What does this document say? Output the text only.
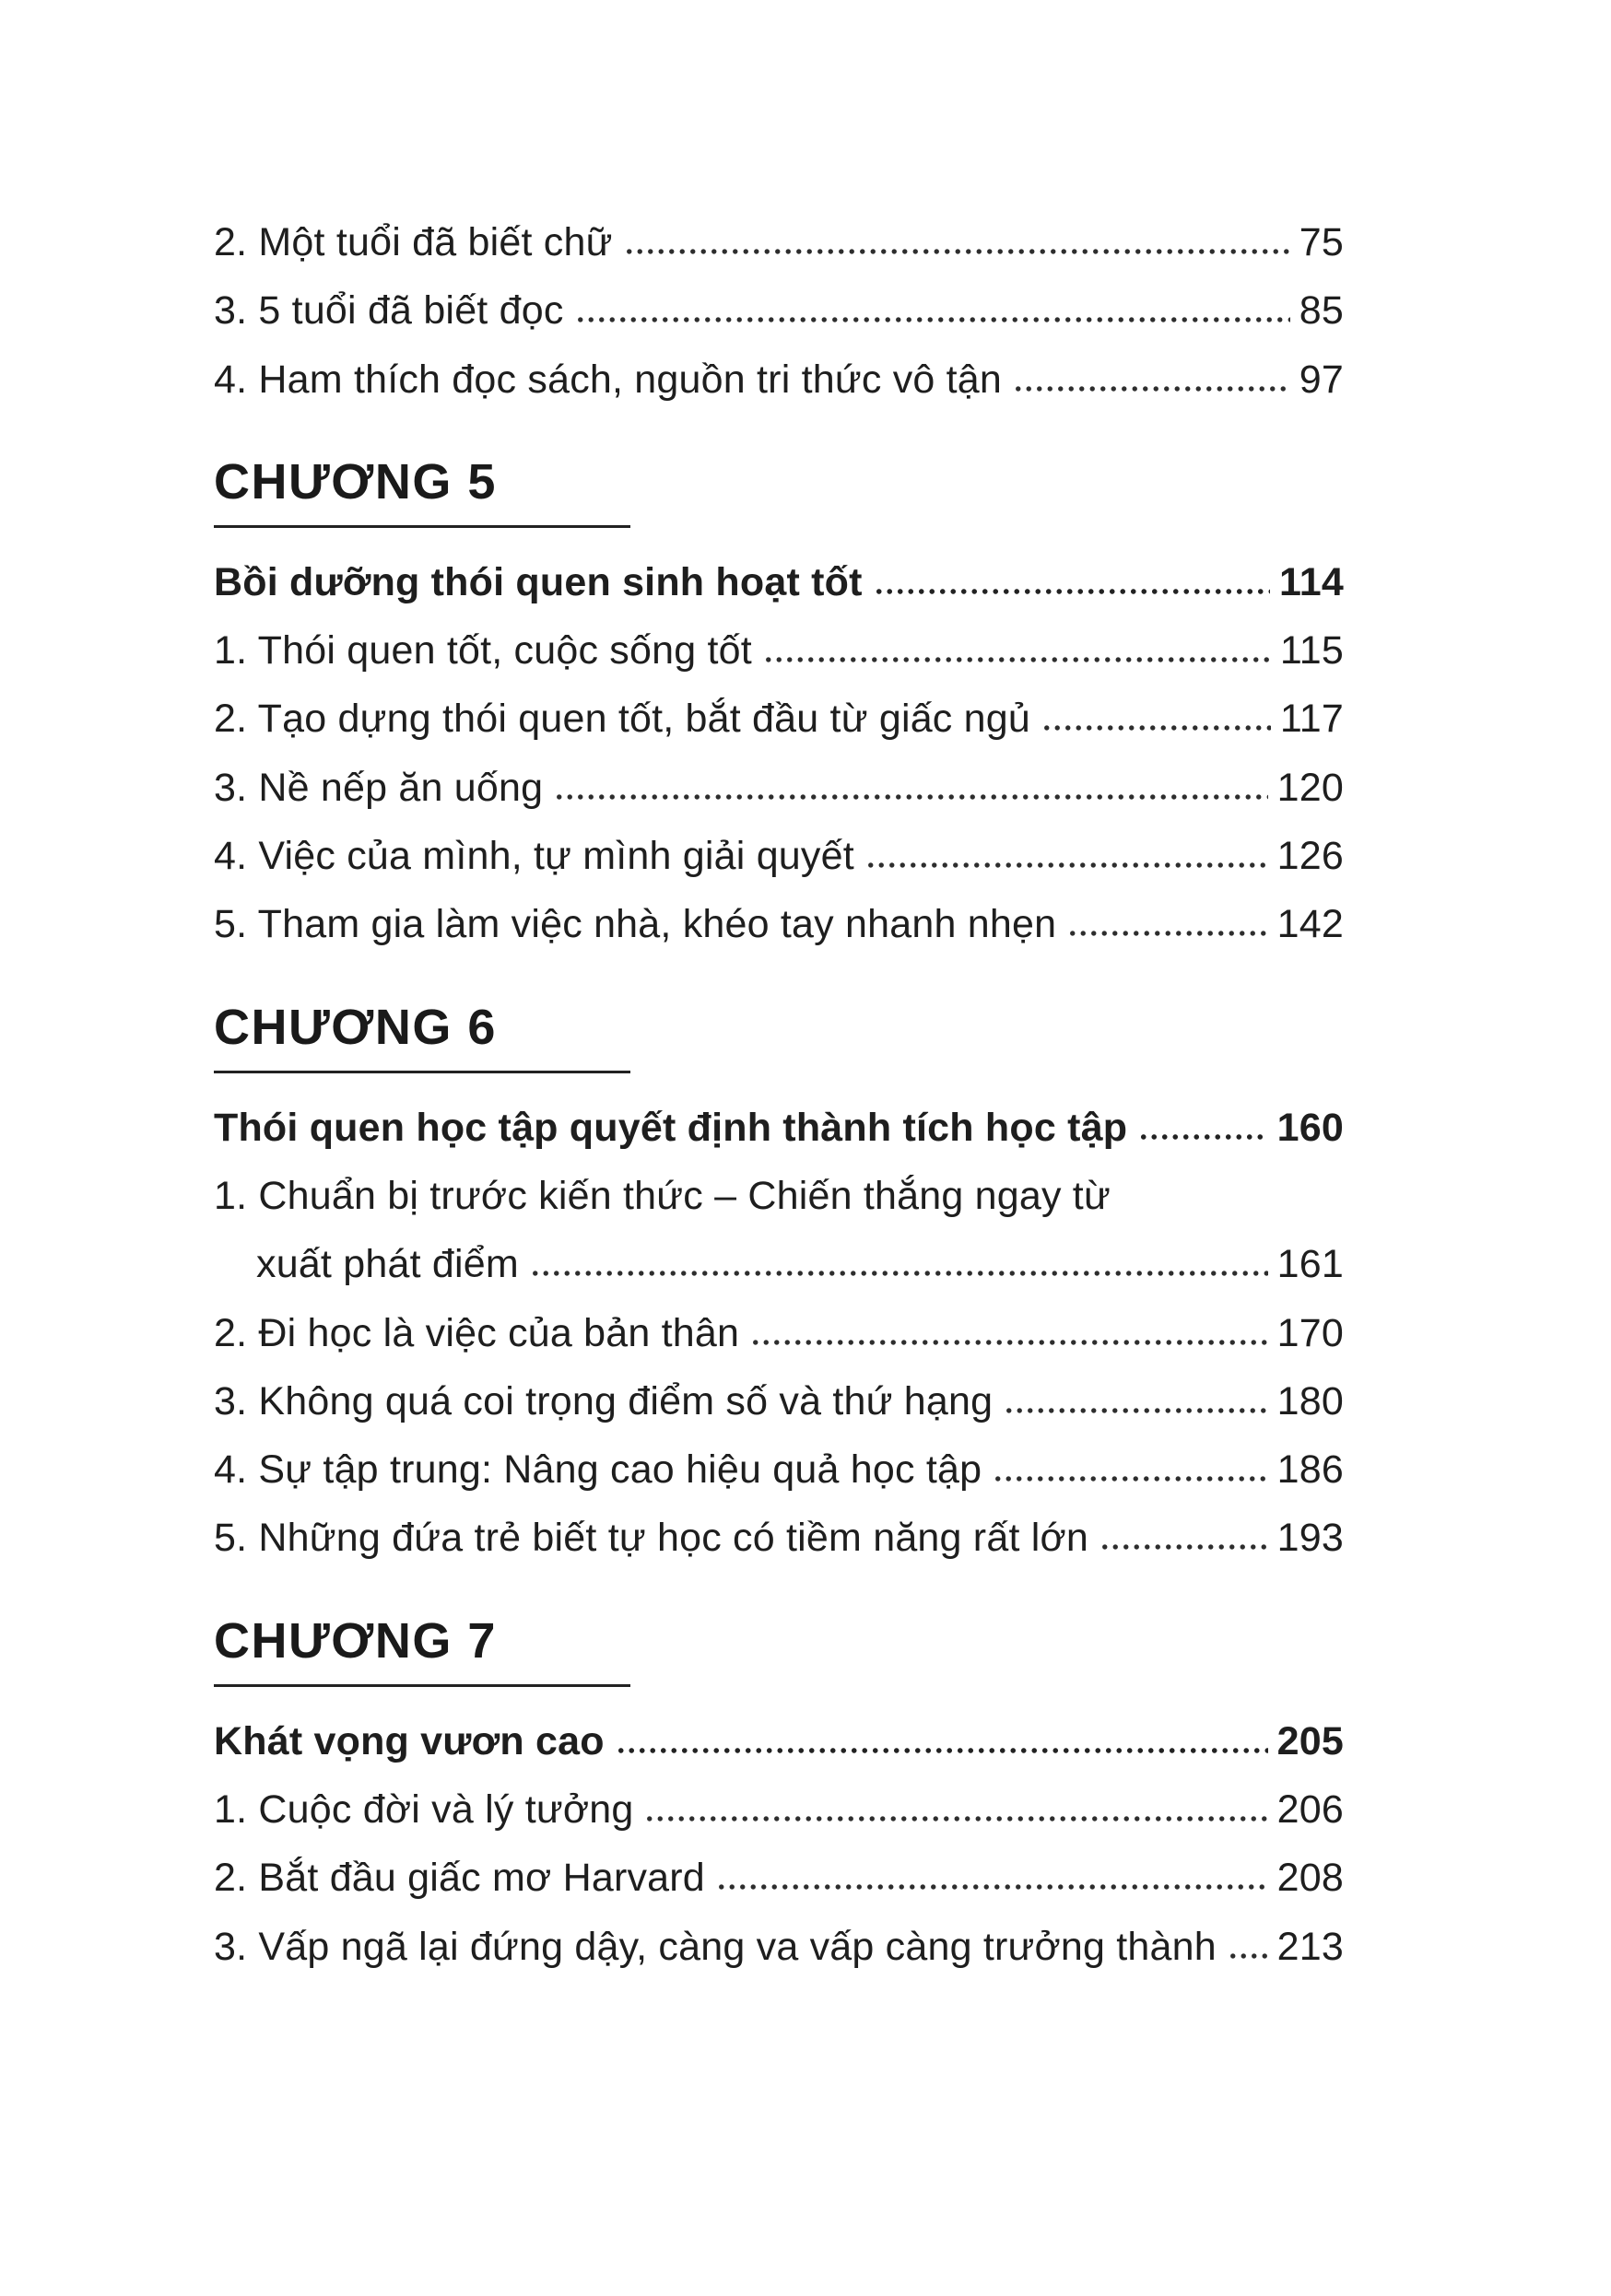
2. Một tuổi đã biết chữ	75
3. 5 tuổi đã biết đọc	85
4. Ham thích đọc sách, nguồn tri thức vô tận	97
CHƯƠNG 5
Bồi dưỡng thói quen sinh hoạt tốt	114
1. Thói quen tốt, cuộc sống tốt	115
2. Tạo dựng thói quen tốt, bắt đầu từ giấc ngủ	117
3. Nề nếp ăn uống	120
4. Việc của mình, tự mình giải quyết	126
5. Tham gia làm việc nhà, khéo tay nhanh nhẹn	142
CHƯƠNG 6
Thói quen học tập quyết định thành tích học tập	160
1. Chuẩn bị trước kiến thức – Chiến thắng ngay từ
xuất phát điểm	161
2. Đi học là việc của bản thân	170
3. Không quá coi trọng điểm số và thứ hạng	180
4. Sự tập trung: Nâng cao hiệu quả học tập	186
5. Những đứa trẻ biết tự học có tiềm năng rất lớn	193
CHƯƠNG 7
Khát vọng vươn cao	205
1. Cuộc đời và lý tưởng	206
2. Bắt đầu giấc mơ Harvard	208
3. Vấp ngã lại đứng dậy, càng va vấp càng trưởng thành 213
